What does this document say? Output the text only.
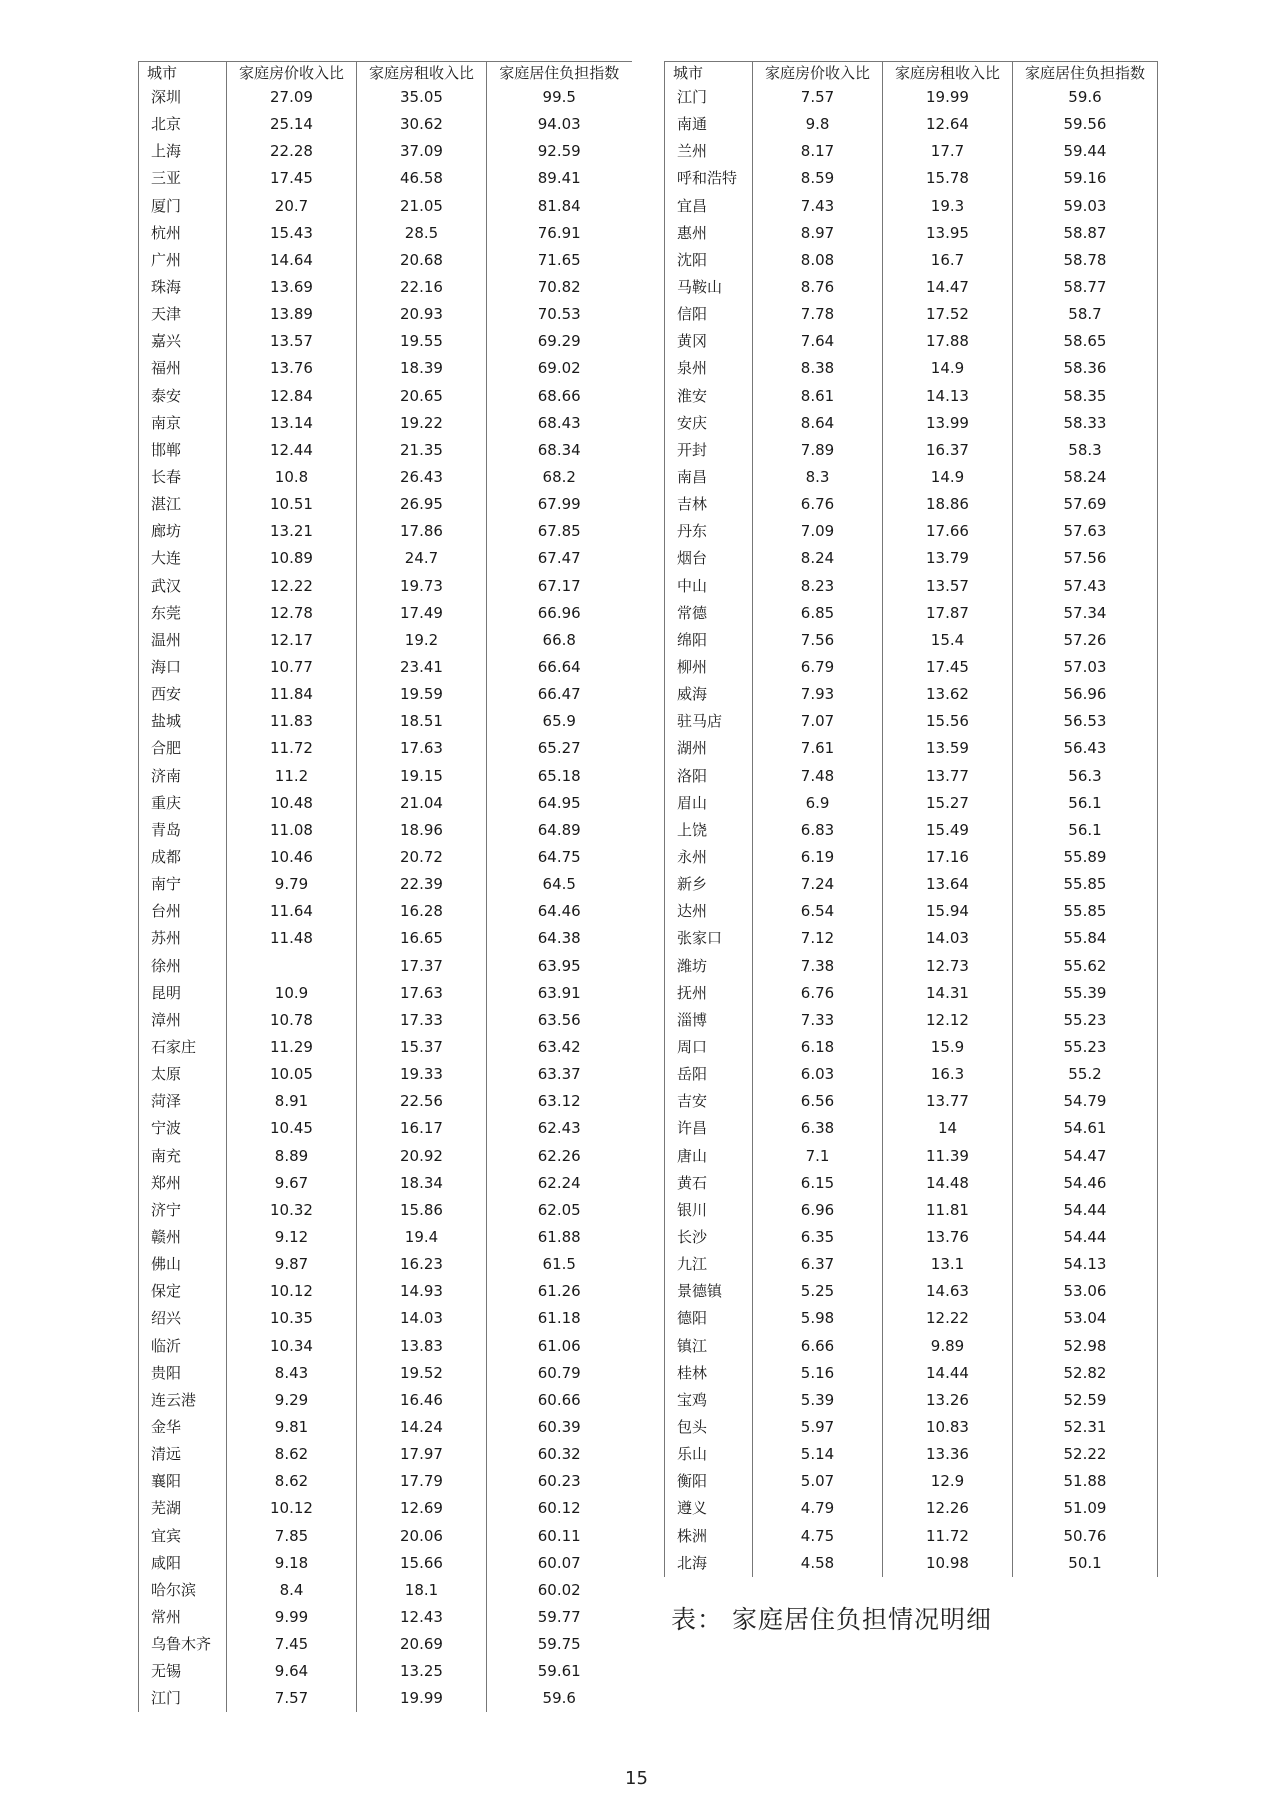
城市	家庭房价收入比	家庭房租收入比	家庭居住负担指数
深圳	27.09	35.05	99.5
北京	25.14	30.62	94.03
上海	22.28	37.09	92.59
三亚	17.45	46.58	89.41
厦门	20.7	21.05	81.84
杭州	15.43	28.5	76.91
广州	14.64	20.68	71.65
珠海	13.69	22.16	70.82
天津	13.89	20.93	70.53
嘉兴	13.57	19.55	69.29
福州	13.76	18.39	69.02
泰安	12.84	20.65	68.66
南京	13.14	19.22	68.43
邯郸	12.44	21.35	68.34
长春	10.8	26.43	68.2
湛江	10.51	26.95	67.99
廊坊	13.21	17.86	67.85
大连	10.89	24.7	67.47
武汉	12.22	19.73	67.17
东莞	12.78	17.49	66.96
温州	12.17	19.2	66.8
海口	10.77	23.41	66.64
西安	11.84	19.59	66.47
盐城	11.83	18.51	65.9
合肥	11.72	17.63	65.27
济南	11.2	19.15	65.18
重庆	10.48	21.04	64.95
青岛	11.08	18.96	64.89
成都	10.46	20.72	64.75
南宁	9.79	22.39	64.5
台州	11.64	16.28	64.46
苏州	11.48	16.65	64.38
徐州		17.37	63.95
昆明	10.9	17.63	63.91
漳州	10.78	17.33	63.56
石家庄	11.29	15.37	63.42
太原	10.05	19.33	63.37
菏泽	8.91	22.56	63.12
宁波	10.45	16.17	62.43
南充	8.89	20.92	62.26
郑州	9.67	18.34	62.24
济宁	10.32	15.86	62.05
赣州	9.12	19.4	61.88
佛山	9.87	16.23	61.5
保定	10.12	14.93	61.26
绍兴	10.35	14.03	61.18
临沂	10.34	13.83	61.06
贵阳	8.43	19.52	60.79
连云港	9.29	16.46	60.66
金华	9.81	14.24	60.39
清远	8.62	17.97	60.32
襄阳	8.62	17.79	60.23
芜湖	10.12	12.69	60.12
宜宾	7.85	20.06	60.11
咸阳	9.18	15.66	60.07
哈尔滨	8.4	18.1	60.02
常州	9.99	12.43	59.77
乌鲁木齐	7.45	20.69	59.75
无锡	9.64	13.25	59.61
江门	7.57	19.99	59.6
城市	家庭房价收入比	家庭房租收入比	家庭居住负担指数
江门	7.57	19.99	59.6
南通	9.8	12.64	59.56
兰州	8.17	17.7	59.44
呼和浩特	8.59	15.78	59.16
宜昌	7.43	19.3	59.03
惠州	8.97	13.95	58.87
沈阳	8.08	16.7	58.78
马鞍山	8.76	14.47	58.77
信阳	7.78	17.52	58.7
黄冈	7.64	17.88	58.65
泉州	8.38	14.9	58.36
淮安	8.61	14.13	58.35
安庆	8.64	13.99	58.33
开封	7.89	16.37	58.3
南昌	8.3	14.9	58.24
吉林	6.76	18.86	57.69
丹东	7.09	17.66	57.63
烟台	8.24	13.79	57.56
中山	8.23	13.57	57.43
常德	6.85	17.87	57.34
绵阳	7.56	15.4	57.26
柳州	6.79	17.45	57.03
威海	7.93	13.62	56.96
驻马店	7.07	15.56	56.53
湖州	7.61	13.59	56.43
洛阳	7.48	13.77	56.3
眉山	6.9	15.27	56.1
上饶	6.83	15.49	56.1
永州	6.19	17.16	55.89
新乡	7.24	13.64	55.85
达州	6.54	15.94	55.85
张家口	7.12	14.03	55.84
潍坊	7.38	12.73	55.62
抚州	6.76	14.31	55.39
淄博	7.33	12.12	55.23
周口	6.18	15.9	55.23
岳阳	6.03	16.3	55.2
吉安	6.56	13.77	54.79
许昌	6.38	14	54.61
唐山	7.1	11.39	54.47
黄石	6.15	14.48	54.46
银川	6.96	11.81	54.44
长沙	6.35	13.76	54.44
九江	6.37	13.1	54.13
景德镇	5.25	14.63	53.06
德阳	5.98	12.22	53.04
镇江	6.66	9.89	52.98
桂林	5.16	14.44	52.82
宝鸡	5.39	13.26	52.59
包头	5.97	10.83	52.31
乐山	5.14	13.36	52.22
衡阳	5.07	12.9	51.88
遵义	4.79	12.26	51.09
株洲	4.75	11.72	50.76
北海	4.58	10.98	50.1
表： 家庭居住负担情况明细
15
